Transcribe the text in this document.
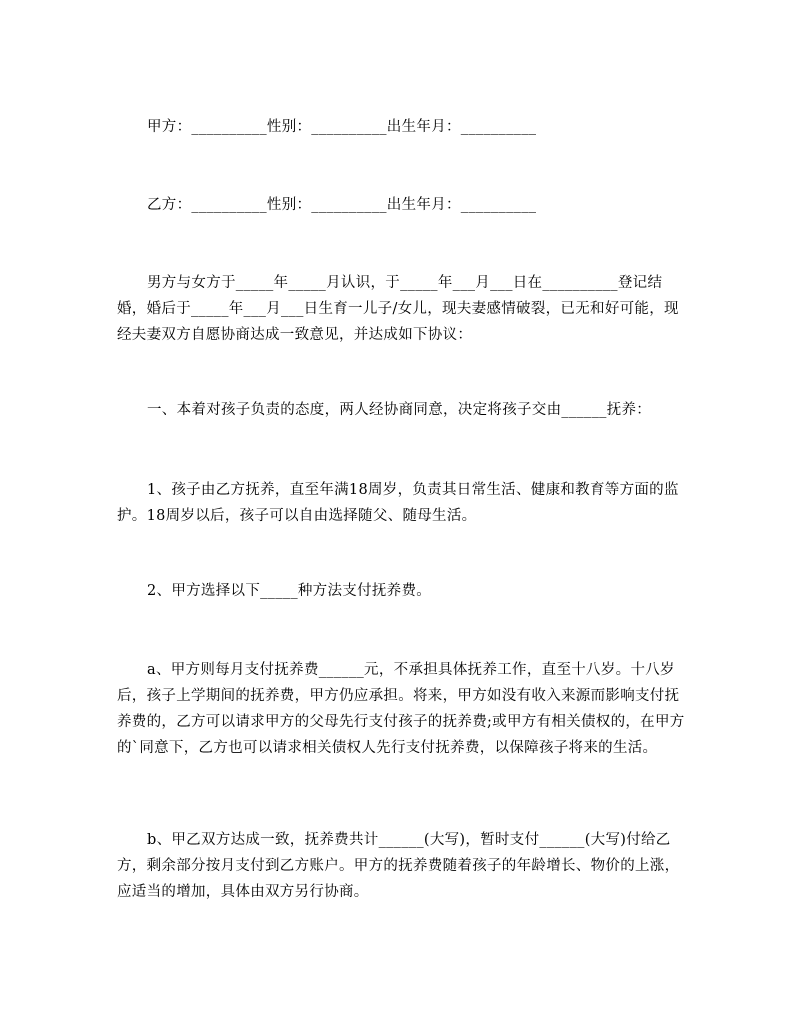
甲方：__________性别：__________出生年月：__________

乙方：__________性别：__________出生年月：__________

男方与女方于_____年_____月认识，于_____年___月___日在__________登记结婚，婚后于_____年___月___日生育一儿子/女儿，现夫妻感情破裂，已无和好可能，现经夫妻双方自愿协商达成一致意见，并达成如下协议：

一、本着对孩子负责的态度，两人经协商同意，决定将孩子交由______抚养：

1、孩子由乙方抚养，直至年满18周岁，负责其日常生活、健康和教育等方面的监护。18周岁以后，孩子可以自由选择随父、随母生活。

2、甲方选择以下_____种方法支付抚养费。

a、甲方则每月支付抚养费______元，不承担具体抚养工作，直至十八岁。十八岁后，孩子上学期间的抚养费，甲方仍应承担。将来，甲方如没有收入来源而影响支付抚养费的，乙方可以请求甲方的父母先行支付孩子的抚养费;或甲方有相关债权的，在甲方的`同意下，乙方也可以请求相关债权人先行支付抚养费，以保障孩子将来的生活。

b、甲乙双方达成一致，抚养费共计______(大写)，暂时支付______(大写)付给乙方，剩余部分按月支付到乙方账户。甲方的抚养费随着孩子的年龄增长、物价的上涨，应适当的增加，具体由双方另行协商。
